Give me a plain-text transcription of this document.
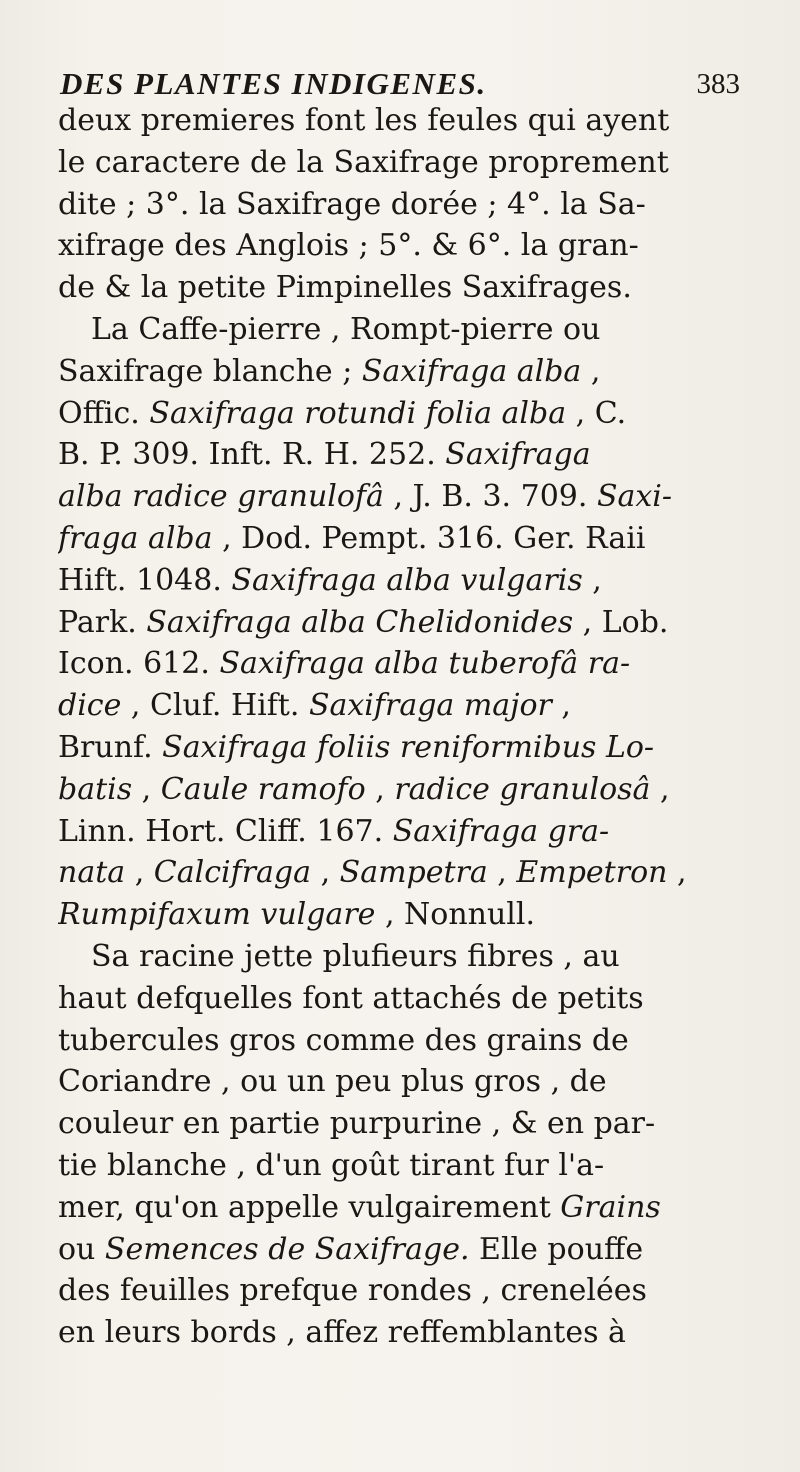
DES PLANTES INDIGENES.	383
deux premieres font les feules qui ayent
le caractere de la Saxifrage proprement
dite ; 3°. la Saxifrage dorée ; 4°. la Sa-
xifrage des Anglois ; 5°. & 6°. la gran-
de & la petite Pimpinelles Saxifrages.
La Caffe-pierre , Rompt-pierre ou
Saxifrage blanche ; Saxifraga alba ,
Offic. Saxifraga rotundi folia alba , C.
B. P. 309. Inft. R. H. 252. Saxifraga
alba radice granulofâ , J. B. 3. 709. Saxi-
fraga alba , Dod. Pempt. 316. Ger. Raii
Hift. 1048. Saxifraga alba vulgaris ,
Park. Saxifraga alba Chelidonides , Lob.
Icon. 612. Saxifraga alba tuberofâ ra-
dice , Cluf. Hift. Saxifraga major ,
Brunf. Saxifraga foliis reniformibus Lo-
batis , Caule ramofo , radice granulosâ ,
Linn. Hort. Cliff. 167. Saxifraga gra-
nata , Calcifraga , Sampetra , Empetron ,
Rumpifaxum vulgare , Nonnull.
Sa racine jette plufieurs fibres , au
haut defquelles font attachés de petits
tubercules gros comme des grains de
Coriandre , ou un peu plus gros , de
couleur en partie purpurine , & en par-
tie blanche , d'un goût tirant fur l'a-
mer, qu'on appelle vulgairement Grains
ou Semences de Saxifrage. Elle pouffe
des feuilles prefque rondes , crenelées
en leurs bords , affez reffemblantes à
